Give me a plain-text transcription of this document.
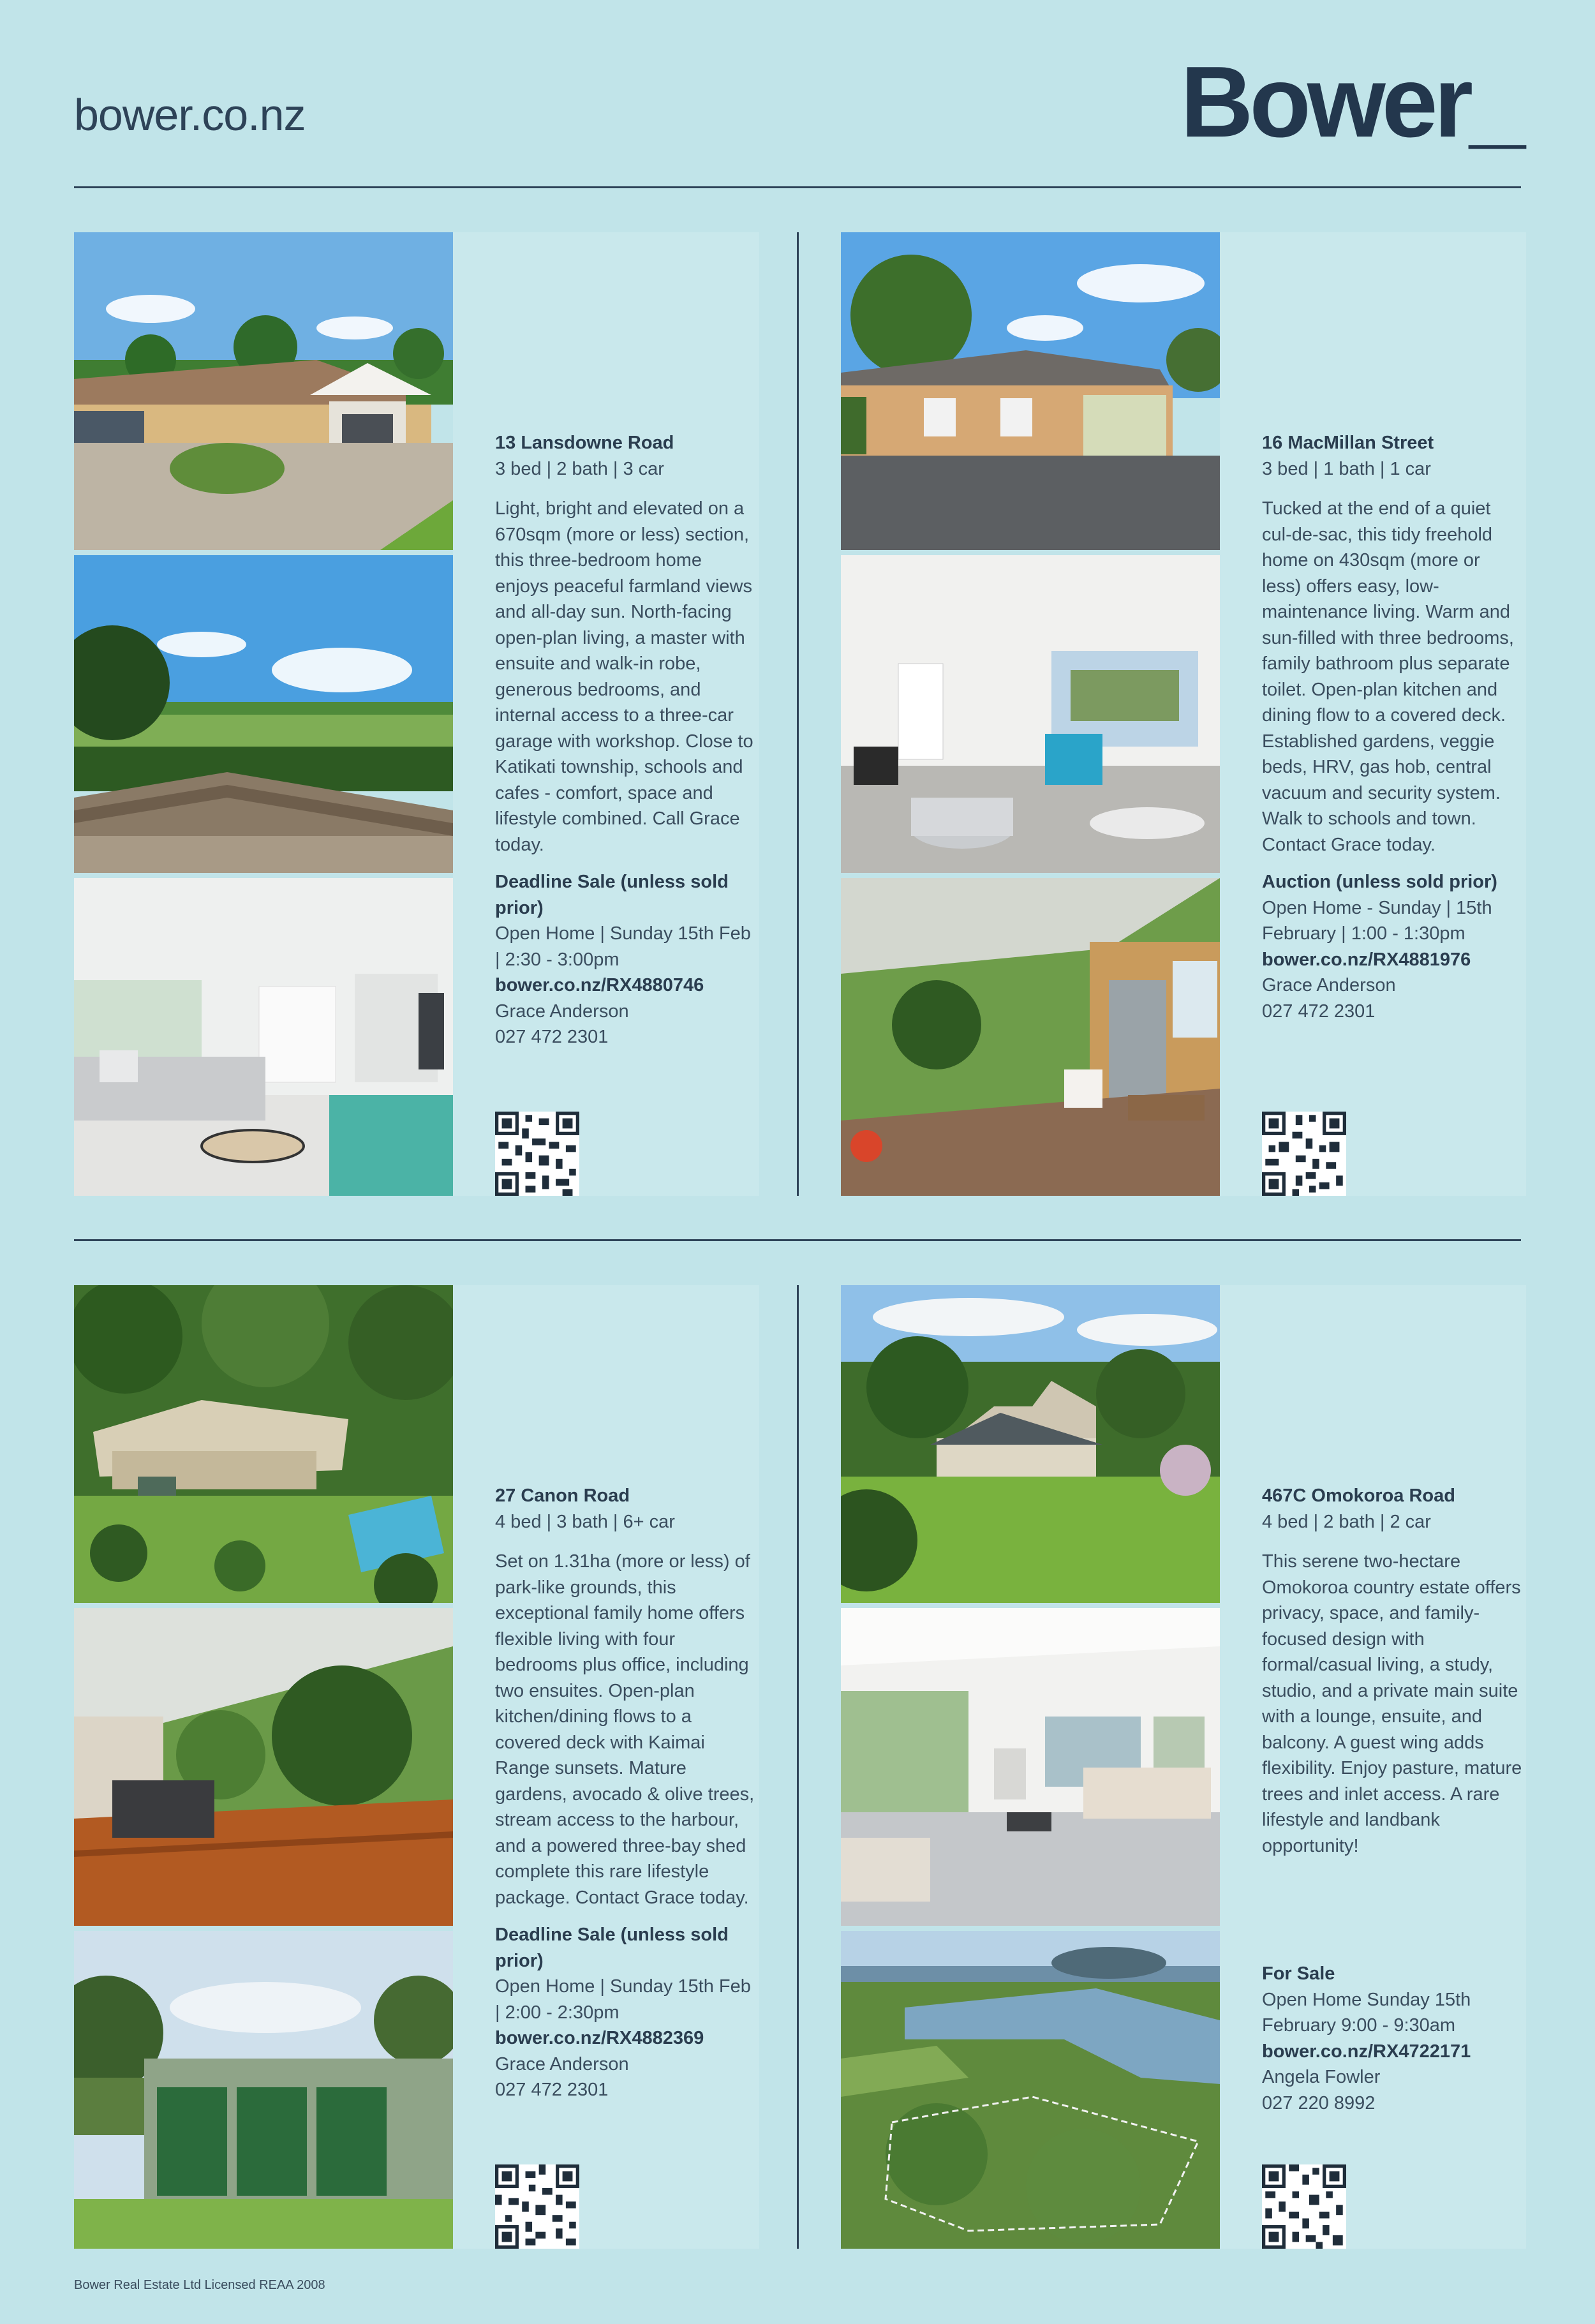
bower.co.nz	Bower_
13 Lansdowne Road
3 bed | 2 bath | 3 car
Light, bright and elevated on a 670sqm (more or less) section, this three-bedroom home enjoys peaceful farmland views and all-day sun. North-facing open-plan living, a master with ensuite and walk-in robe, generous bedrooms, and internal access to a three-car garage with workshop. Close to Katikati township, schools and cafes - comfort, space and lifestyle combined. Call Grace today.
Deadline Sale (unless sold prior)
Open Home | Sunday 15th Feb | 2:30 - 3:00pm
bower.co.nz/RX4880746
Grace Anderson
027 472 2301
16 MacMillan Street
3 bed | 1 bath | 1 car
Tucked at the end of a quiet cul-de-sac, this tidy freehold home on 430sqm (more or less) offers easy, low-maintenance living. Warm and sun-filled with three bedrooms, family bathroom plus separate toilet. Open-plan kitchen and dining flow to a covered deck. Established gardens, veggie beds, HRV, gas hob, central vacuum and security system. Walk to schools and town. Contact Grace today.
Auction (unless sold prior)
Open Home - Sunday | 15th February | 1:00 - 1:30pm
bower.co.nz/RX4881976
Grace Anderson
027 472 2301
27 Canon Road
4 bed | 3 bath | 6+ car
Set on 1.31ha (more or less) of park-like grounds, this exceptional family home offers flexible living with four bedrooms plus office, including two ensuites. Open-plan kitchen/dining flows to a covered deck with Kaimai Range sunsets. Mature gardens, avocado & olive trees, stream access to the harbour, and a powered three-bay shed complete this rare lifestyle package. Contact Grace today.
Deadline Sale (unless sold prior)
Open Home | Sunday 15th Feb | 2:00 - 2:30pm
bower.co.nz/RX4882369
Grace Anderson
027 472 2301
467C Omokoroa Road
4 bed | 2 bath | 2 car
This serene two-hectare Omokoroa country estate offers privacy, space, and family-focused design with formal/casual living, a study, studio, and a private main suite with a lounge, ensuite, and balcony. A guest wing adds flexibility. Enjoy pasture, mature trees and inlet access. A rare lifestyle and landbank opportunity!
For Sale
Open Home Sunday 15th February 9:00 - 9:30am
bower.co.nz/RX4722171
Angela Fowler
027 220 8992
Bower Real Estate Ltd Licensed REAA 2008
